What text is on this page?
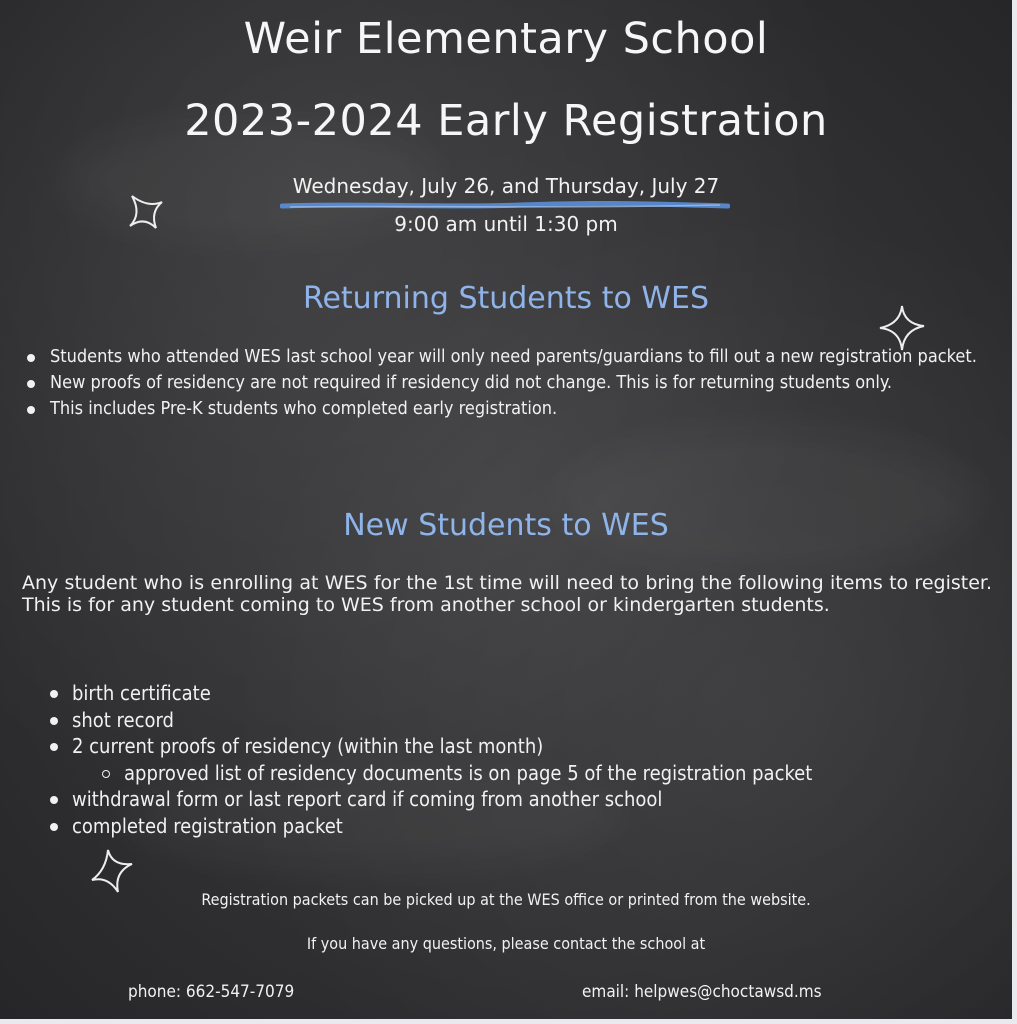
Weir Elementary School
2023-2024 Early Registration
Wednesday, July 26, and Thursday, July 27
9:00 am until 1:30 pm
Returning Students to WES
Students who attended WES last school year will only need parents/guardians to fill out a new registration packet.
New proofs of residency are not required if residency did not change. This is for returning students only.
This includes Pre-K students who completed early registration.
New Students to WES

Any student who is enrolling at WES for the 1st time will need to bring the following items to register. This is for any student coming to WES from another school or kindergarten students.

birth certificate
shot record
2 current proofs of residency (within the last month)
approved list of residency documents is on page 5 of the registration packet
withdrawal form or last report card if coming from another school
completed registration packet
Registration packets can be picked up at the WES office or printed from the website.
If you have any questions, please contact the school at
phone: 662-547-7079	email: helpwes@choctawsd.ms
